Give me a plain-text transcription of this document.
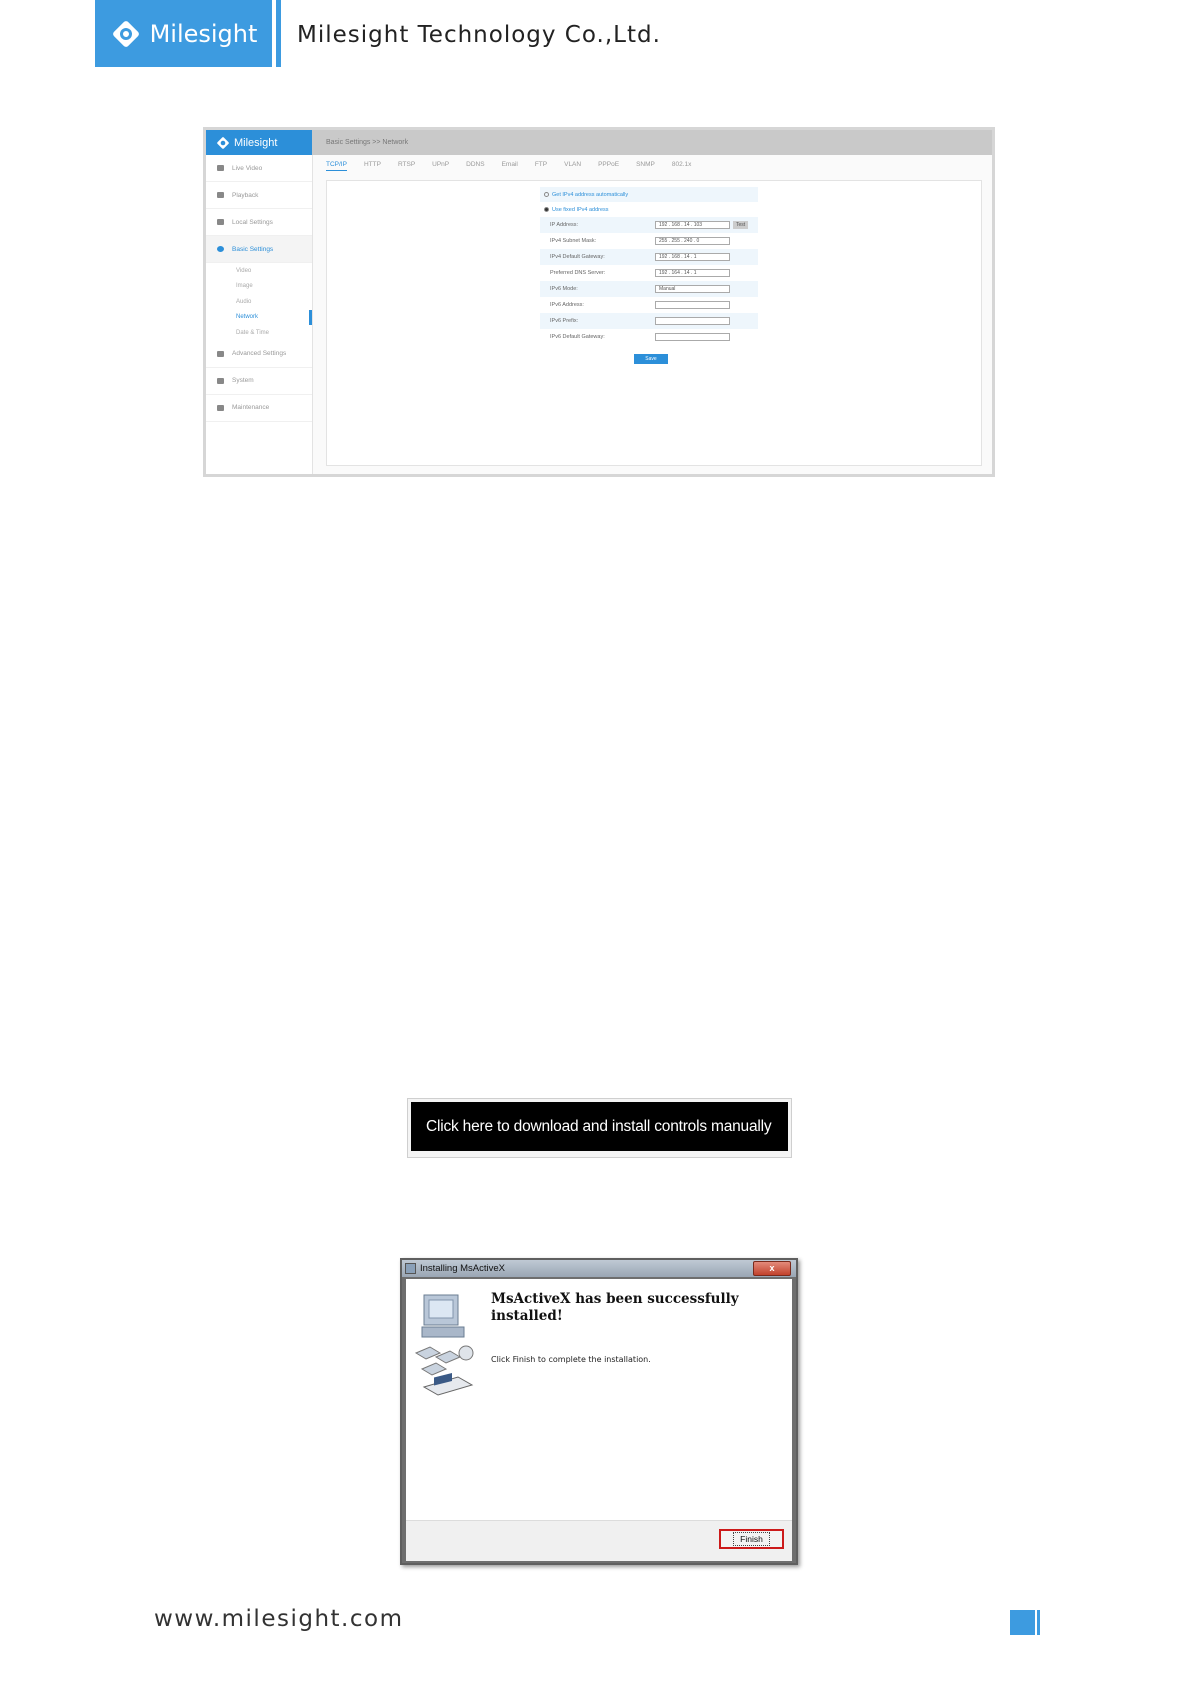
Milesight Milesight Technology Co.,Ltd.
Milesight
Live Video
Playback
Local Settings
Basic Settings
Video
Image
Audio
Network
Date & Time
Advanced Settings
System
Maintenance
Basic Settings >> Network
TCP/IP	HTTP	RTSP	UPnP	DDNS	Email	FTP	VLAN	PPPoE	SNMP	802.1x
Get IPv4 address automatically
Use fixed IPv4 address
IP Address:	192 . 168 . 14 . 103	Test
IPv4 Subnet Mask:	255 . 255 . 240 . 0
IPv4 Default Gateway:	192 . 168 . 14 . 1
Preferred DNS Server:	192 . 164 . 14 . 1
IPv6 Mode:	Manual
IPv6 Address:
IPv6 Prefix:
IPv6 Default Gateway:
Save
Click here to download and install controls manually
Installing MsActiveX	x
MsActiveX has been successfully installed!
Click Finish to complete the installation.
Finish
www.milesight.com
